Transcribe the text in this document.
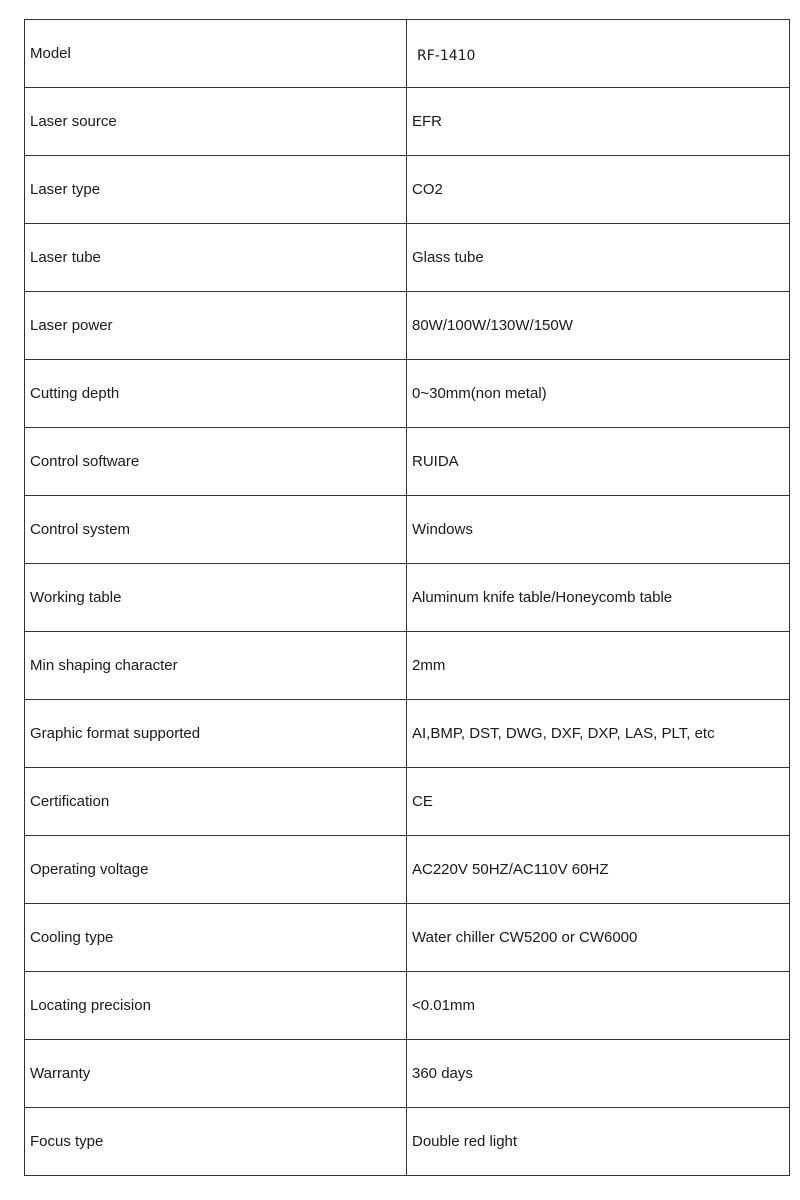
Model	RF-1410
Laser source	EFR
Laser type	CO2
Laser tube	Glass tube
Laser power	80W/100W/130W/150W
Cutting depth	0~30mm(non metal)
Control software	RUIDA
Control system	Windows
Working table	Aluminum knife table/Honeycomb table
Min shaping character	2mm
Graphic format supported	AI,BMP, DST, DWG, DXF, DXP, LAS, PLT, etc
Certification	CE
Operating voltage	AC220V 50HZ/AC110V 60HZ
Cooling type	Water chiller CW5200 or CW6000
Locating precision	<0.01mm
Warranty	360 days
Focus type	Double red light
